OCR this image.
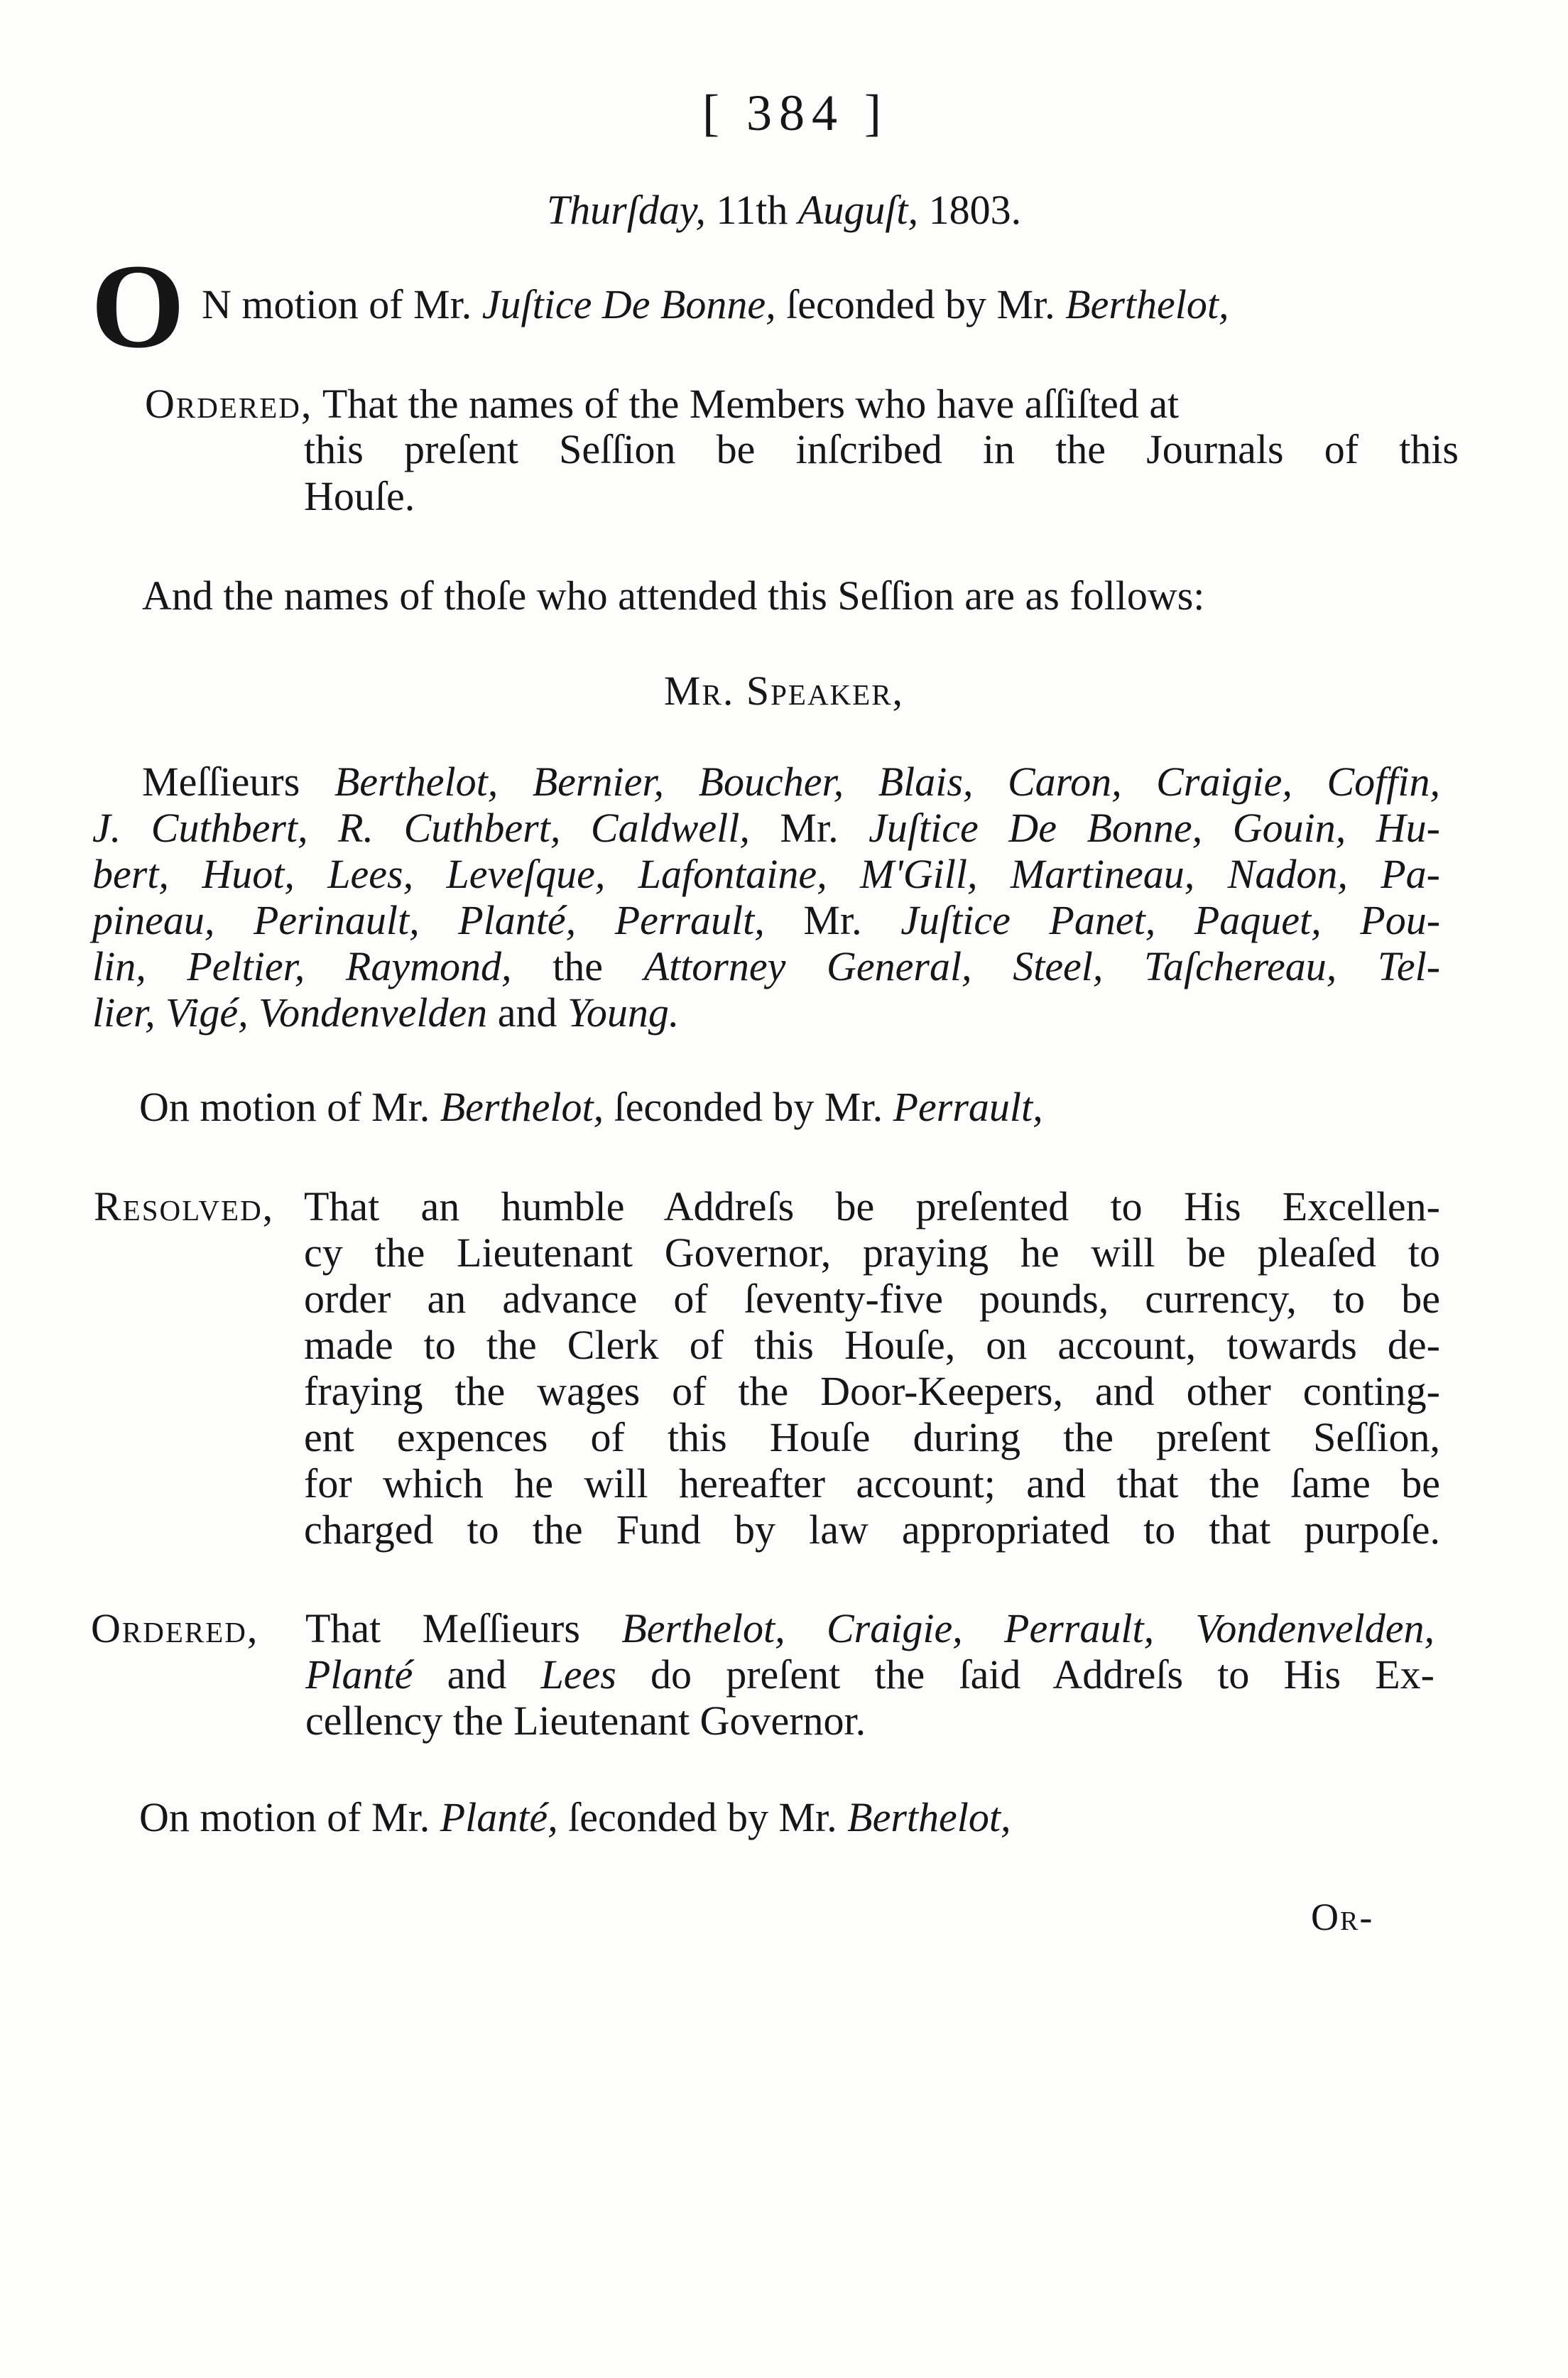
[ 384 ]
Thurſday, 11th Auguſt, 1803.
O N motion of Mr. Juſtice De Bonne, ſeconded by Mr. Berthelot,
Ordered, That the names of the Members who have aſſiſted at
this preſent Seſſion be inſcribed in the Journals of this
Houſe.
And the names of thoſe who attended this Seſſion are as follows:
Mr. Speaker,
Meſſieurs Berthelot, Bernier, Boucher, Blais, Caron, Craigie, Coffin,
J. Cuthbert, R. Cuthbert, Caldwell, Mr. Juſtice De Bonne, Gouin, Hu-
bert, Huot, Lees, Leveſque, Lafontaine, M'Gill, Martineau, Nadon, Pa-
pineau, Perinault, Planté, Perrault, Mr. Juſtice Panet, Paquet, Pou-
lin, Peltier, Raymond, the Attorney General, Steel, Taſchereau, Tel-
lier, Vigé, Vondenvelden and Young.
On motion of Mr. Berthelot, ſeconded by Mr. Perrault,
Resolved, That an humble Addreſs be preſented to His Excellen-
cy the Lieutenant Governor, praying he will be pleaſed to
order an advance of ſeventy-five pounds, currency, to be
made to the Clerk of this Houſe, on account, towards de-
fraying the wages of the Door-Keepers, and other conting-
ent expences of this Houſe during the preſent Seſſion,
for which he will hereafter account; and that the ſame be
charged to the Fund by law appropriated to that purpoſe.
Ordered, That Meſſieurs Berthelot, Craigie, Perrault, Vondenvelden,
Planté and Lees do preſent the ſaid Addreſs to His Ex-
cellency the Lieutenant Governor.
On motion of Mr. Planté, ſeconded by Mr. Berthelot,
Or-
